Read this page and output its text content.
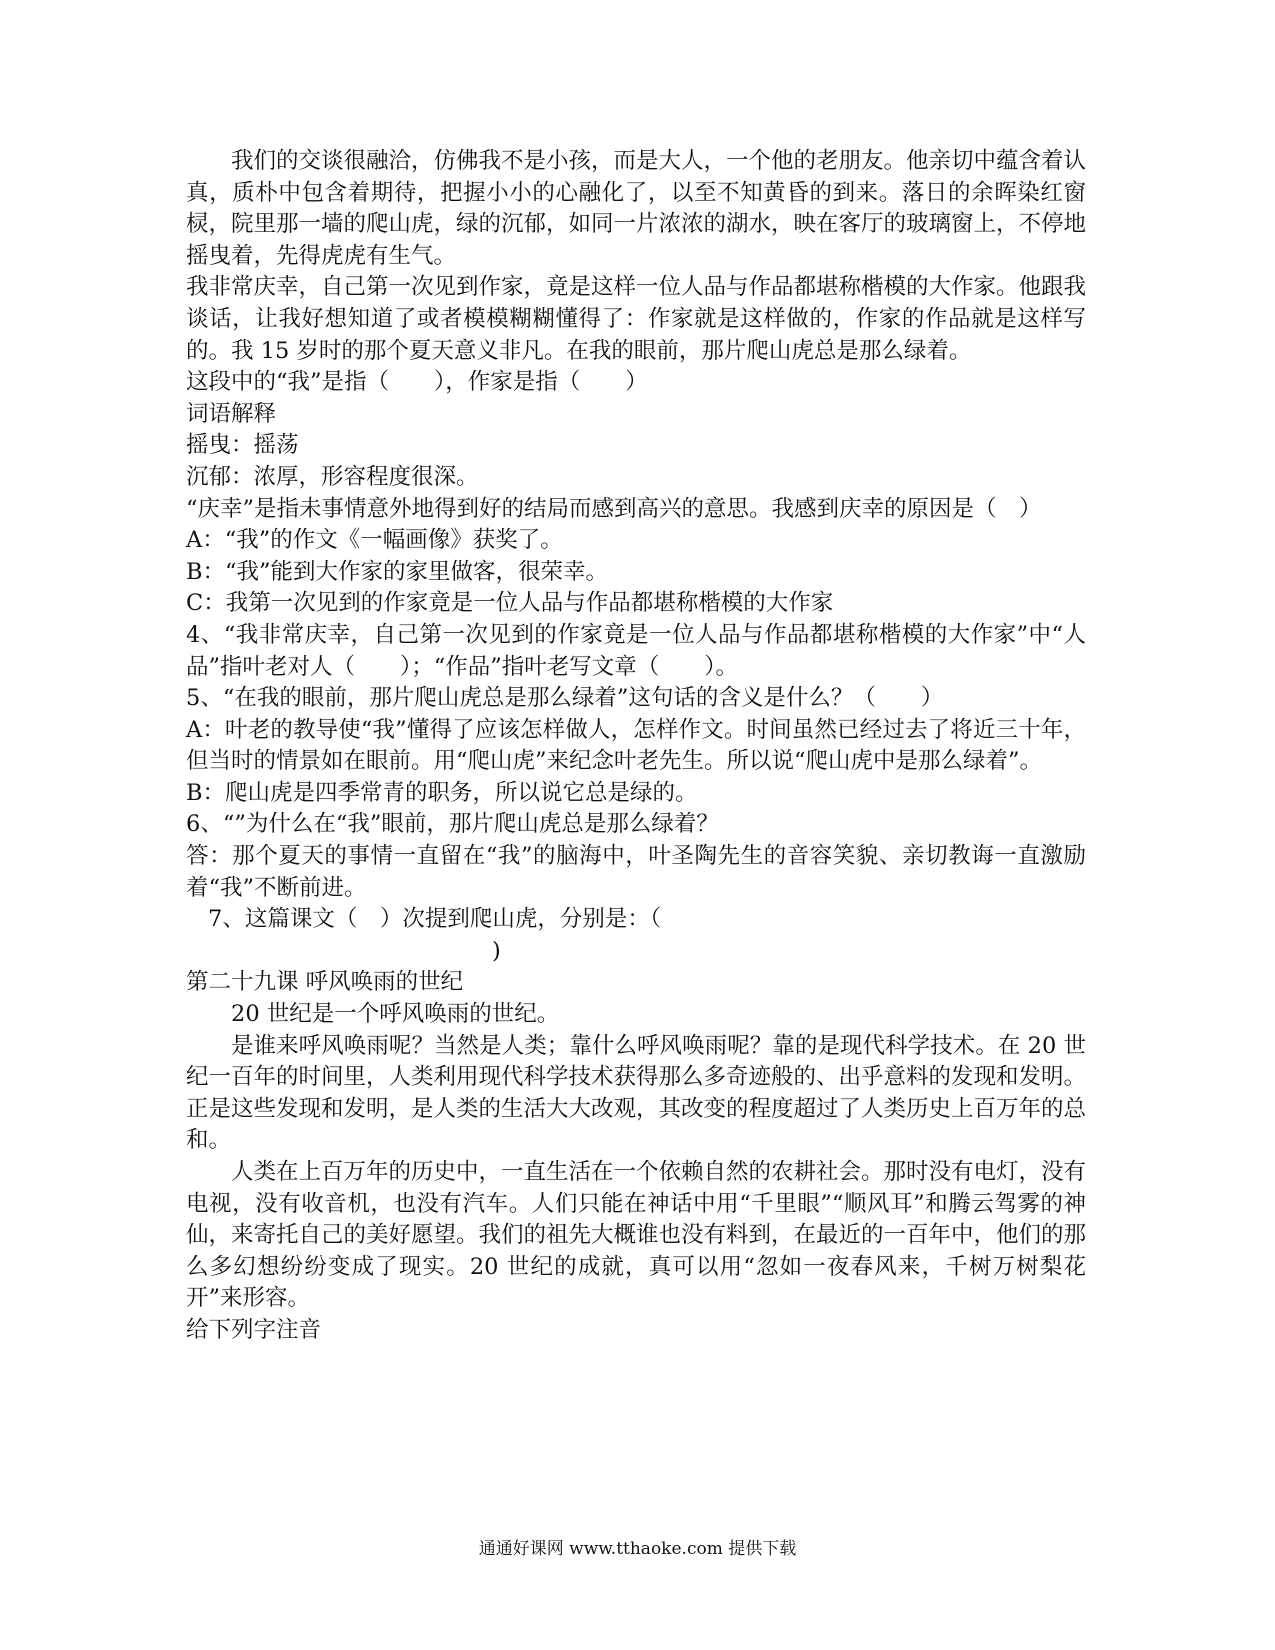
我们的交谈很融洽，仿佛我不是小孩，而是大人，一个他的老朋友。他亲切中蕴含着认真，质朴中包含着期待，把握小小的心融化了，以至不知黄昏的到来。落日的余晖染红窗棂，院里那一墙的爬山虎，绿的沉郁，如同一片浓浓的湖水，映在客厅的玻璃窗上，不停地摇曳着，先得虎虎有生气。

我非常庆幸，自己第一次见到作家，竟是这样一位人品与作品都堪称楷模的大作家。他跟我谈话，让我好想知道了或者模模糊糊懂得了：作家就是这样做的，作家的作品就是这样写的。我 15 岁时的那个夏天意义非凡。在我的眼前，那片爬山虎总是那么绿着。

这段中的“我”是指（　　），作家是指（　　）

词语解释

摇曳：摇荡

沉郁：浓厚，形容程度很深。

“庆幸”是指未事情意外地得到好的结局而感到高兴的意思。我感到庆幸的原因是（　）

A：“我”的作文《一幅画像》获奖了。

B：“我”能到大作家的家里做客，很荣幸。

C：我第一次见到的作家竟是一位人品与作品都堪称楷模的大作家

4、“我非常庆幸，自己第一次见到的作家竟是一位人品与作品都堪称楷模的大作家”中“人品”指叶老对人（　　）；“作品”指叶老写文章（　　）。

5、“在我的眼前，那片爬山虎总是那么绿着”这句话的含义是什么？（　　）

A：叶老的教导使“我”懂得了应该怎样做人，怎样作文。时间虽然已经过去了将近三十年，但当时的情景如在眼前。用“爬山虎”来纪念叶老先生。所以说“爬山虎中是那么绿着”。

B：爬山虎是四季常青的职务，所以说它总是绿的。

6、“”为什么在“我”眼前，那片爬山虎总是那么绿着？

答：那个夏天的事情一直留在“我”的脑海中，叶圣陶先生的音容笑貌、亲切教诲一直激励着“我”不断前进。

7、这篇课文（　）次提到爬山虎，分别是：（

)

第二十九课 呼风唤雨的世纪

20 世纪是一个呼风唤雨的世纪。

是谁来呼风唤雨呢？当然是人类；靠什么呼风唤雨呢？靠的是现代科学技术。在 20 世纪一百年的时间里，人类利用现代科学技术获得那么多奇迹般的、出乎意料的发现和发明。正是这些发现和发明，是人类的生活大大改观，其改变的程度超过了人类历史上百万年的总和。

人类在上百万年的历史中，一直生活在一个依赖自然的农耕社会。那时没有电灯，没有电视，没有收音机，也没有汽车。人们只能在神话中用“千里眼”“顺风耳”和腾云驾雾的神仙，来寄托自己的美好愿望。我们的祖先大概谁也没有料到，在最近的一百年中，他们的那么多幻想纷纷变成了现实。20 世纪的成就，真可以用“忽如一夜春风来，千树万树梨花开”来形容。

给下列字注音

通通好课网 www.tthaoke.com 提供下载
